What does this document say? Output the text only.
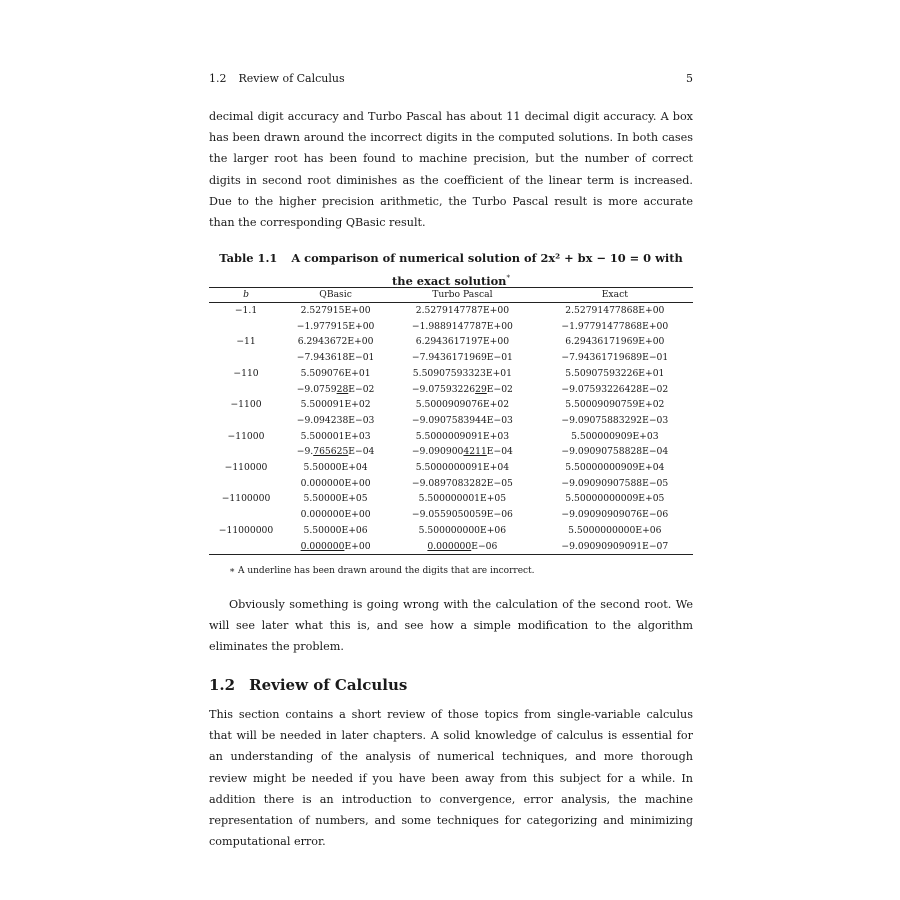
1.2 Review of Calculus	5

decimal digit accuracy and Turbo Pascal has about 11 decimal digit accuracy. A box has been drawn around the incorrect digits in the computed solutions. In both cases the larger root has been found to machine precision, but the number of correct digits in second root diminishes as the coefficient of the linear term is increased. Due to the higher precision arithmetic, the Turbo Pascal result is more accurate than the corresponding QBasic result.

Table 1.1 A comparison of numerical solution of 2x² + bx − 10 = 0 with the exact solution*
b	QBasic	Turbo Pascal	Exact
−1.1	2.527915E+00	2.5279147787E+00	2.52791477868E+00
	−1.977915E+00	−1.9889147787E+00	−1.97791477868E+00
−11	6.2943672E+00	6.2943617197E+00	6.29436171969E+00
	−7.943618E−01	−7.9436171969E−01	−7.94361719689E−01
−110	5.509076E+01	5.50907593323E+01	5.50907593226E+01
	−9.075928E−02	−9.0759322629E−02	−9.07593226428E−02
−1100	5.500091E+02	5.5000909076E+02	5.50009090759E+02
	−9.094238E−03	−9.0907583944E−03	−9.09075883292E−03
−11000	5.500001E+03	5.5000009091E+03	5.500000909E+03
	−9.765625E−04	−9.0909004211E−04	−9.09090758828E−04
−110000	5.50000E+04	5.5000000091E+04	5.50000000909E+04
	0.000000E+00	−9.0897083282E−05	−9.09090907588E−05
−1100000	5.50000E+05	5.500000001E+05	5.50000000009E+05
	0.000000E+00	−9.0559050059E−06	−9.09090909076E−06
−11000000	5.50000E+06	5.500000000E+06	5.5000000000E+06
	0.000000E+00	0.000000E−06	−9.09090909091E−07
∗ A underline has been drawn around the digits that are incorrect.

Obviously something is going wrong with the calculation of the second root. We will see later what this is, and see how a simple modification to the algorithm eliminates the problem.

1.2 Review of Calculus

This section contains a short review of those topics from single-variable calculus that will be needed in later chapters. A solid knowledge of calculus is essential for an understanding of the analysis of numerical techniques, and more thorough review might be needed if you have been away from this subject for a while. In addition there is an introduction to convergence, error analysis, the machine representation of numbers, and some techniques for categorizing and minimizing computational error.
